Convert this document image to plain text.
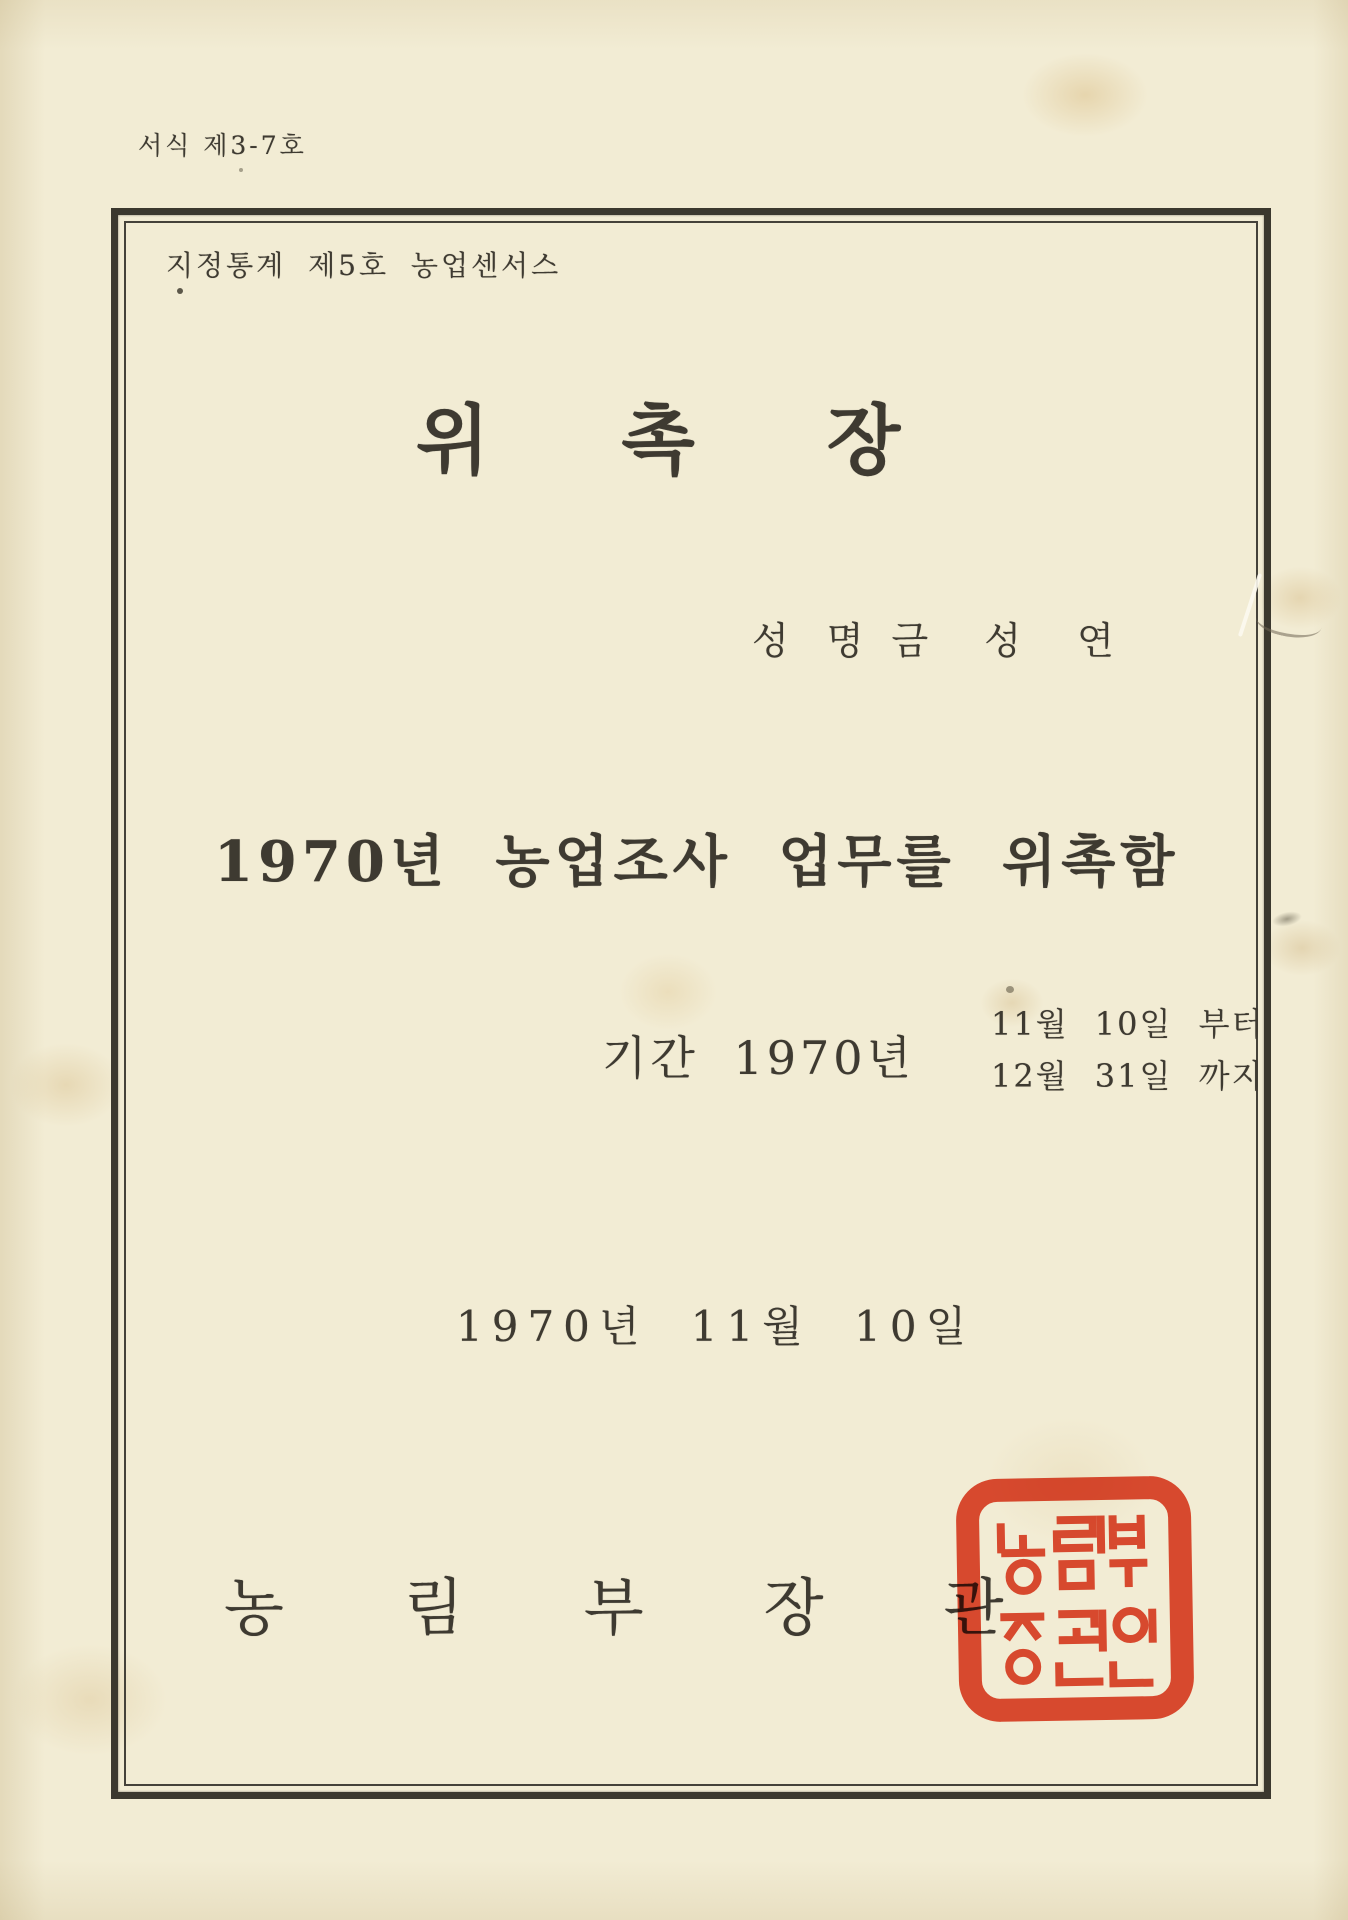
서식 제3-7호
지정통계 제5호 농업센서스
위촉장
성 명 금 성 연
1970년 농업조사 업무를 위촉함
기간 1970년
11월 10일 부터
12월 31일 까지
1970년 11월 10일
농림부장관
